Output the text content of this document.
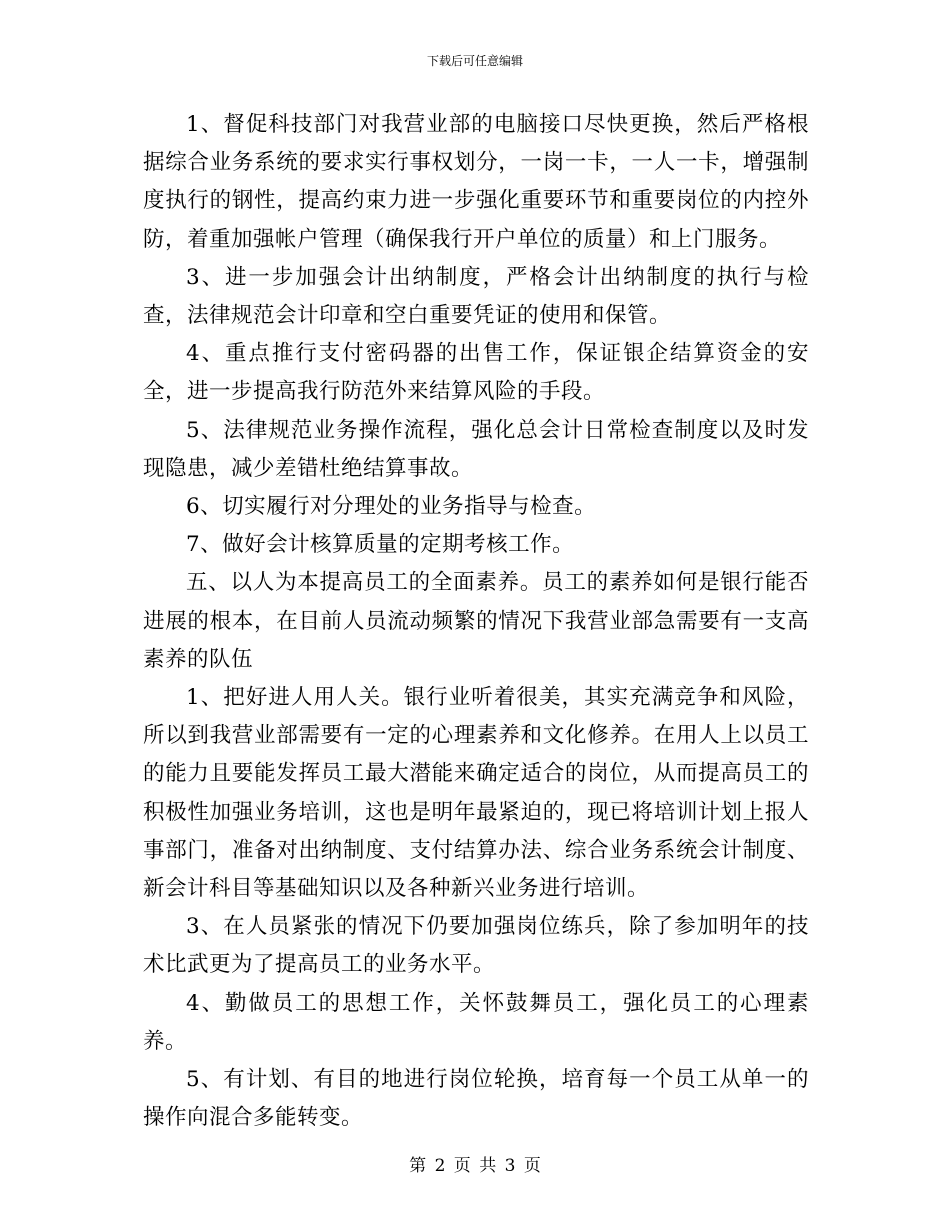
下载后可任意编辑

1、督促科技部门对我营业部的电脑接口尽快更换，然后严格根据综合业务系统的要求实行事权划分，一岗一卡，一人一卡，增强制度执行的钢性，提高约束力进一步强化重要环节和重要岗位的内控外防，着重加强帐户管理（确保我行开户单位的质量）和上门服务。

3、进一步加强会计出纳制度，严格会计出纳制度的执行与检查，法律规范会计印章和空白重要凭证的使用和保管。

4、重点推行支付密码器的出售工作，保证银企结算资金的安全，进一步提高我行防范外来结算风险的手段。

5、法律规范业务操作流程，强化总会计日常检查制度以及时发现隐患，减少差错杜绝结算事故。

6、切实履行对分理处的业务指导与检查。

7、做好会计核算质量的定期考核工作。

五、以人为本提高员工的全面素养。员工的素养如何是银行能否进展的根本，在目前人员流动频繁的情况下我营业部急需要有一支高素养的队伍

1、把好进人用人关。银行业听着很美，其实充满竞争和风险，所以到我营业部需要有一定的心理素养和文化修养。在用人上以员工的能力且要能发挥员工最大潜能来确定适合的岗位，从而提高员工的积极性加强业务培训，这也是明年最紧迫的，现已将培训计划上报人事部门，准备对出纳制度、支付结算办法、综合业务系统会计制度、新会计科目等基础知识以及各种新兴业务进行培训。

3、在人员紧张的情况下仍要加强岗位练兵，除了参加明年的技术比武更为了提高员工的业务水平。

4、勤做员工的思想工作，关怀鼓舞员工，强化员工的心理素养。

5、有计划、有目的地进行岗位轮换，培育每一个员工从单一的操作向混合多能转变。

第 2 页 共 3 页
